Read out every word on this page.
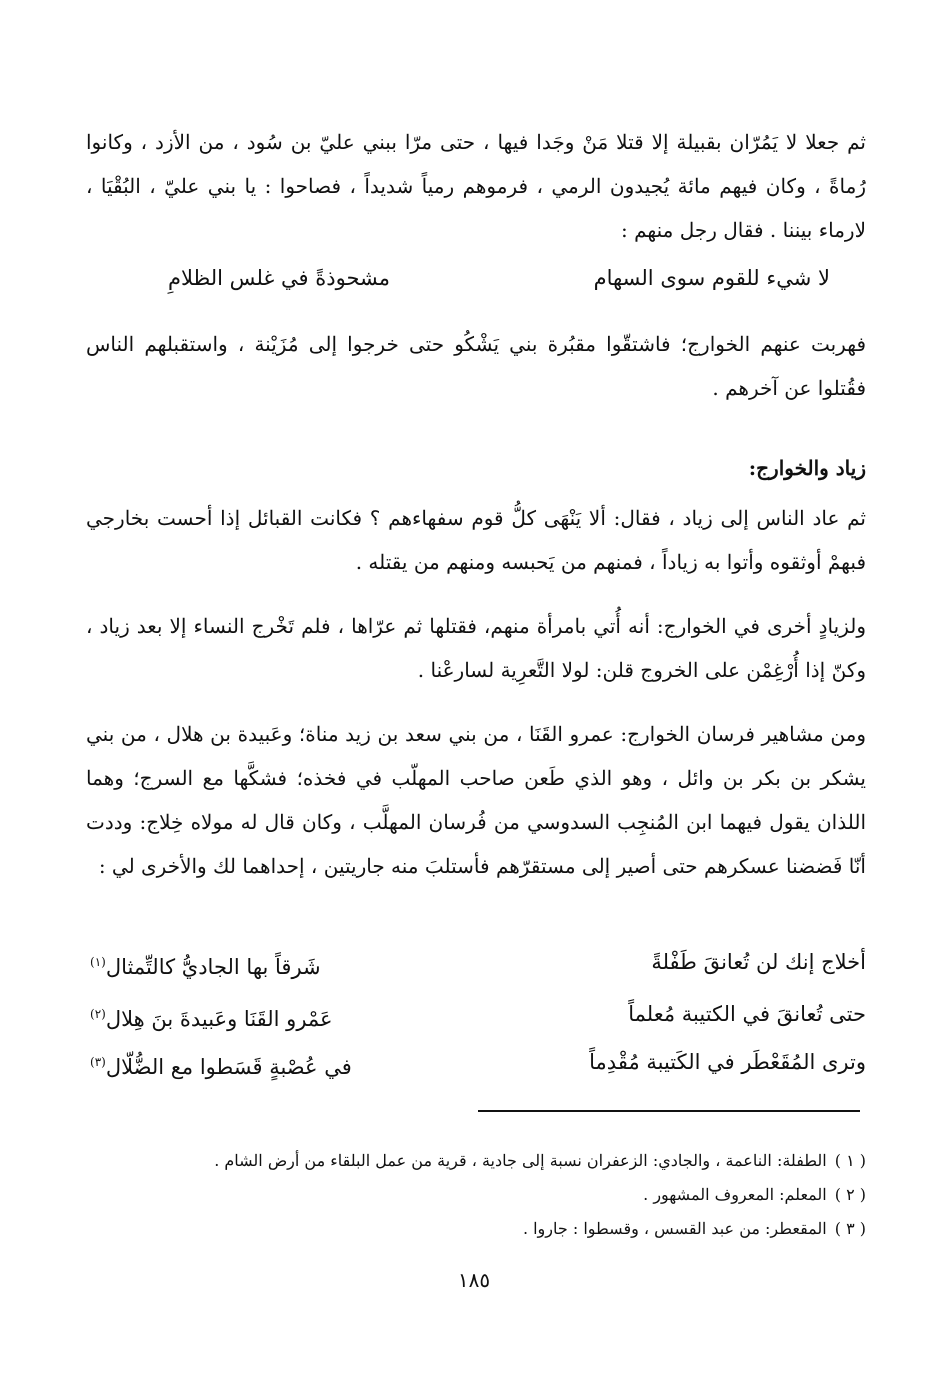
ثم جعلا لا يَمُرّان بقبيلة إلا قتلا مَنْ وجَدا فيها ، حتى مرّا ببني عليّ بن سُود ، من الأزد ، وكانوا رُماةً ، وكان فيهم مائة يُجيدون الرمي ، فرموهم رمياً شديداً ، فصاحوا : يا بني عليّ ، البُقْيَا ، لارماء بيننا . فقال رجل منهم :

لا شيء للقوم سوى السهام
مشحوذةً في غلس الظلامِ

فهربت عنهم الخوارج؛ فاشتقّوا مقبُرة بني يَشْكُو حتى خرجوا إلى مُزَيْنة ، واستقبلهم الناس فقُتلوا عن آخرهم .

زياد والخوارج:

ثم عاد الناس إلى زياد ، فقال: ألا يَنْهَى كلُّ قوم سفهاءهم ؟ فكانت القبائل إذا أحست بخارجي فبهمْ أوثقوه وأتوا به زياداً ، فمنهم من يَحبسه ومنهم من يقتله .

ولزيادٍ أخرى في الخوارج: أنه أُتي بامرأة منهم، فقتلها ثم عرّاها ، فلم تَخْرج النساء إلا بعد زياد ، وكنّ إذا أُرْغِمْن على الخروج قلن: لولا التَّعرِية لسارعْنا .

ومن مشاهير فرسان الخوارج: عمرو القَنَا ، من بني سعد بن زيد مناة؛ وعَبيدة بن هلال ، من بني يشكر بن بكر بن وائل ، وهو الذي طَعن صاحب المهلّب في فخذه؛ فشكَّها مع السرج؛ وهما اللذان يقول فيهما ابن المُنجِب السدوسي من فُرسان المهلَّب ، وكان قال له مولاه خِلاج: وددت أنّا فَضضنا عسكرهم حتى أصير إلى مستقرّهم فأستلبَ منه جاريتين ، إحداهما لك والأخرى لي :

أخلاج إنك لن تُعانقَ طَفْلةً
شَرقاً بها الجاديُّ كالتِّمثال$^{(١)}$
حتى تُعانقَ في الكتيبة مُعلماً
عَمْرو القَنَا وعَبيدةَ بنَ هِلال$^{(٢)}$
وترى المُقَعْطَر في الكَتيبة مُقْدِماً
في عُصْبةٍ قَسَطوا مع الضُّلّال$^{(٣)}$

( ١ )الطفلة: الناعمة ، والجادي: الزعفران نسبة إلى جادية ، قرية من عمل البلقاء من أرض الشام .

( ٢ )المعلم: المعروف المشهور .

( ٣ )المقعطر: من عبد القسس ، وقسطوا : جاروا .

١٨٥
